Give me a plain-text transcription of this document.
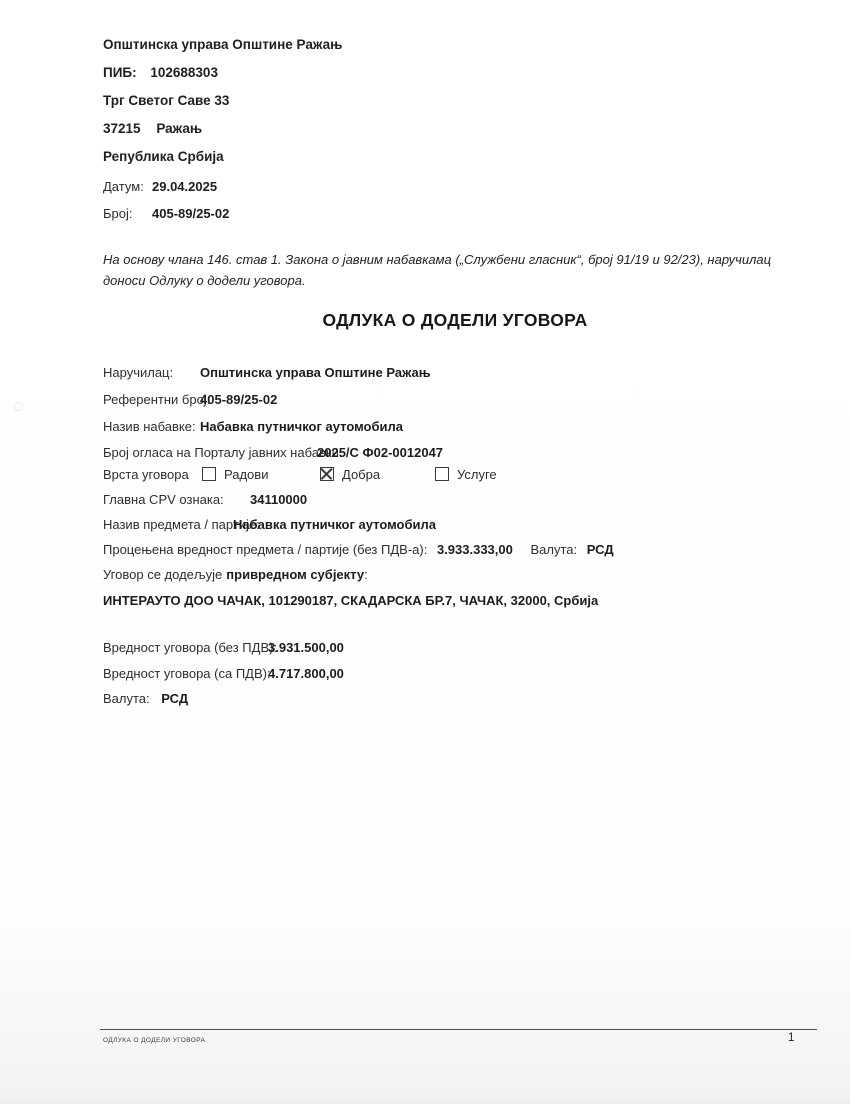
Општинска управа Општине Ражањ
ПИБ: 102688303
Трг Светог Саве 33
37215 Ражањ
Република Србија
Датум: 29.04.2025
Број: 405-89/25-02
На основу члана 146. став 1. Закона о јавним набавкама („Службени гласник“, број 91/19 и 92/23), наручилац доноси Одлуку о додели уговора.
ОДЛУКА О ДОДЕЛИ УГОВОРА
Наручилац: Општинска управа Општине Ражањ
Референтни број:
405-89/25-02
Назив набавке: Набавка путничког аутомобила
Број огласа на Порталу јавних набавки:
2025/С Ф02-0012047
Врста уговора	Радови	Добра	Услуге
Главна CPV ознака: 34110000
Назив предмета / партије:
Набавка путничког аутомобила
Процењена вредност предмета / партије (без ПДВ-а): 3.933.333,00 Валута: РСД
Уговор се додељује привредном субјекту:
ИНТЕРАУТО ДОО ЧАЧАК, 101290187, СКАДАРСКА БР.7, ЧАЧАК, 32000, Србија
Вредност уговора (без ПДВ):
3.931.500,00
Вредност уговора (са ПДВ):
4.717.800,00
Валута: РСД
ОДЛУКА О ДОДЕЛИ УГОВОРА	1
